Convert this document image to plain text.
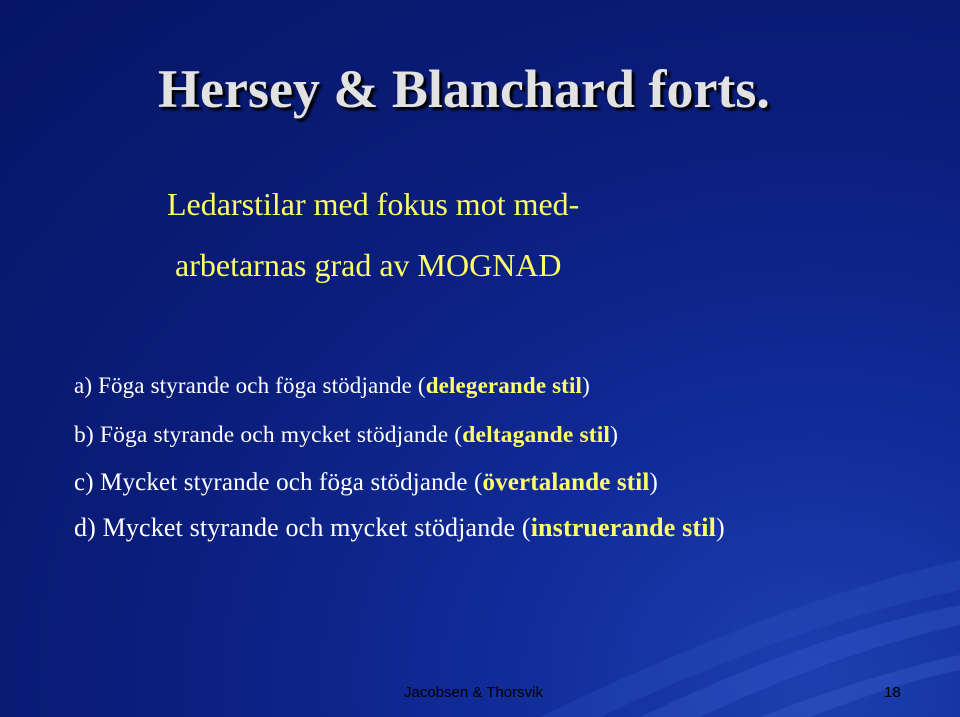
Hersey & Blanchard forts.
Ledarstilar med fokus mot med-
arbetarnas grad av MOGNAD
a) Föga styrande och föga stödjande (delegerande stil)
b) Föga styrande och mycket stödjande (deltagande stil)
c) Mycket styrande och föga stödjande (övertalande stil)
d) Mycket styrande och mycket stödjande (instruerande stil)
Jacobsen & Thorsvik	18
